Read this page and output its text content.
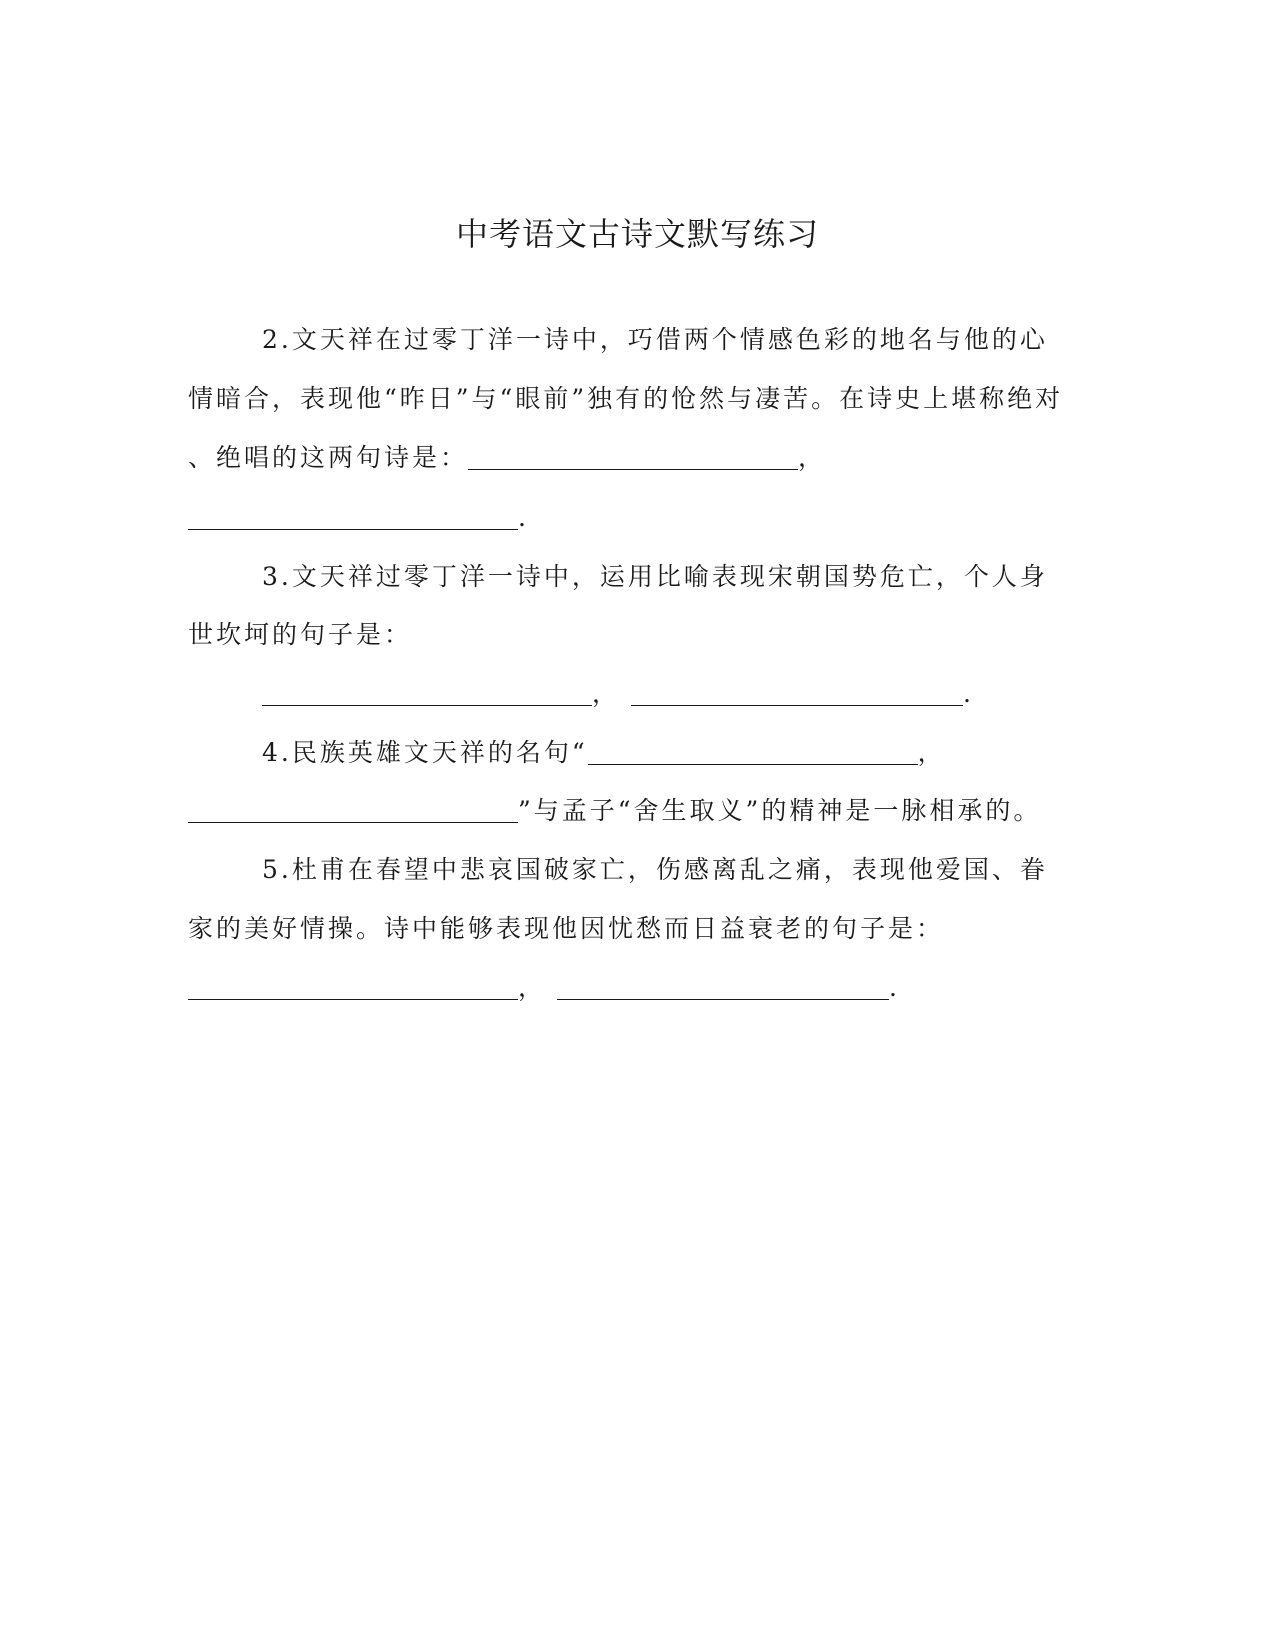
中考语文古诗文默写练习
2.文天祥在过零丁洋一诗中，巧借两个情感色彩的地名与他的心
情暗合，表现他“昨日”与“眼前”独有的怆然与凄苦。在诗史上堪称绝对
、绝唱的这两句诗是：	，
.
3.文天祥过零丁洋一诗中，运用比喻表现宋朝国势危亡，个人身
世坎坷的句子是：
，	.
4.民族英雄文天祥的名句“	，
”与孟子“舍生取义”的精神是一脉相承的。
5.杜甫在春望中悲哀国破家亡，伤感离乱之痛，表现他爱国、眷
家的美好情操。诗中能够表现他因忧愁而日益衰老的句子是：
，	.
